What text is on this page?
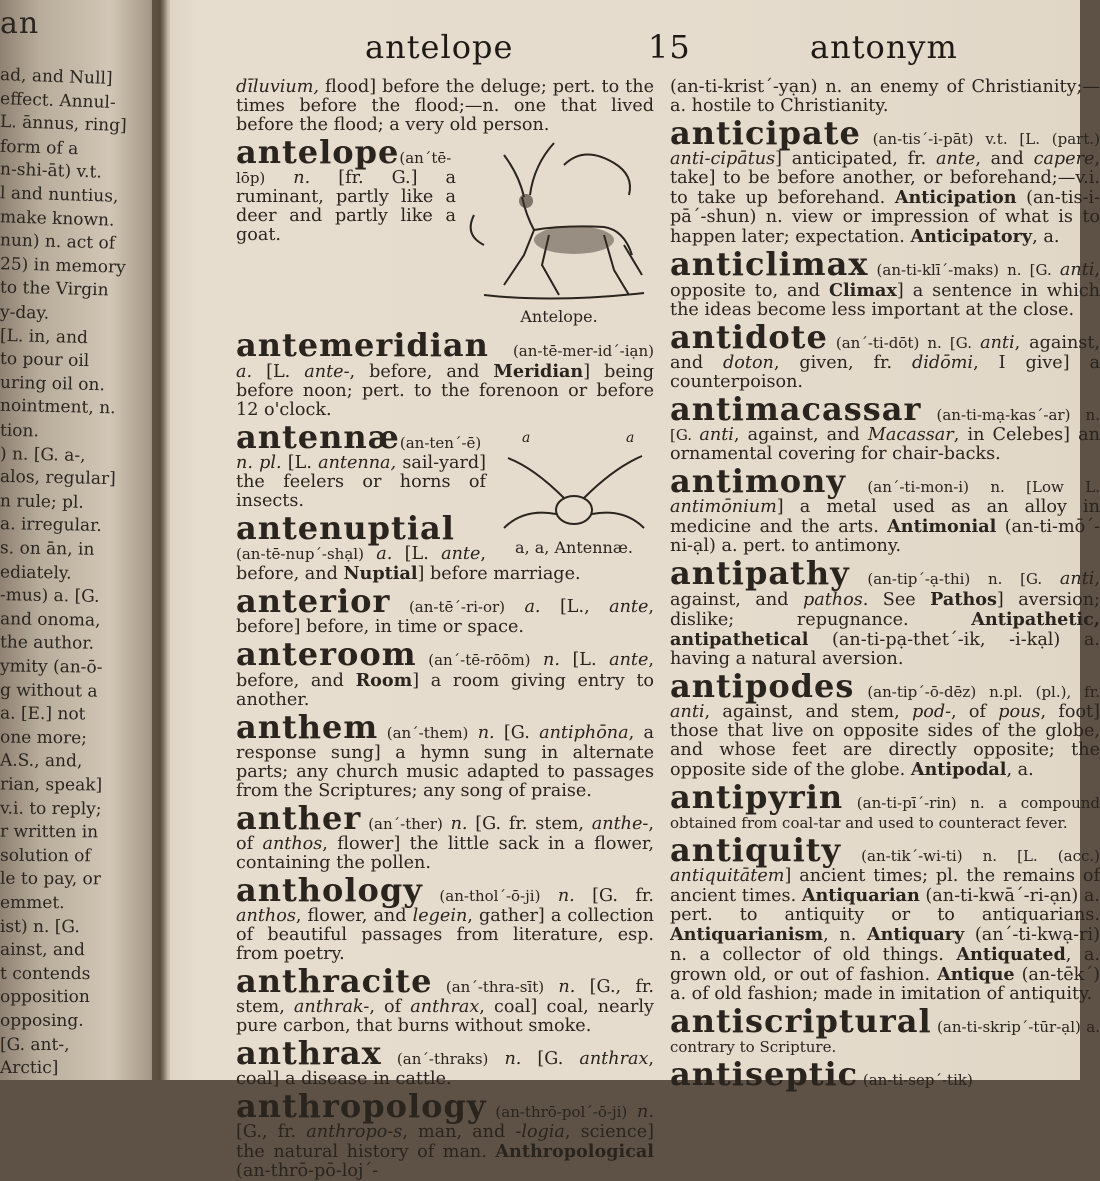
an
ad, and Null]
effect. Annul-
L. ānnus, ring]
form of a
n-shi-āt) v.t.
l and nuntius,
make known.
nun) n. act of
25) in memory
to the Virgin
y-day.
[L. in, and
to pour oil
uring oil on.
nointment, n.
tion.
) n. [G. a-,
alos, regular]
n rule; pl.
a. irregular.
s. on ān, in
ediately.
-mus) a. [G.
and onoma,
the author.
ymity (an-ō-
g without a
a. [E.] not
one more;
A.S., and,
rian, speak]
v.i. to reply;
r written in
solution of
le to pay, or
emmet.
ist) n. [G.
ainst, and
t contends
opposition
opposing.
[G. ant-,
Arctic]
antelope	15	antonym

dīluvium, flood] before the deluge; pert. to the times before the flood;—n. one that lived before the flood; a very old person.

Antelope.

antelope(an´tē-lōp) n. [fr. G.] a ruminant, partly like a deer and partly like a goat.

antemeridian (an-tē-mer-id´-iạn) a. [L. ante-, before, and Meridian] being before noon; pert. to the forenoon or before 12 o'clock.

a	a
a, a, Antennæ.

antennæ(an-ten´-ē) n. pl. [L. antenna, sail-yard] the feelers or horns of insects.

antenuptial (an-tē-nup´-shạl) a. [L. ante, before, and Nuptial] before marriage.

anterior (an-tē´-ri-or) a. [L., ante, before] before, in time or space.

anteroom (an´-tē-rōōm) n. [L. ante, before, and Room] a room giving entry to another.

anthem (an´-them) n. [G. antiphōna, a response sung] a hymn sung in alternate parts; any church music adapted to passages from the Scriptures; any song of praise.

anther (an´-ther) n. [G. fr. stem, anthe-, of anthos, flower] the little sack in a flower, containing the pollen.

anthology (an-thol´-ō-ji) n. [G. fr. anthos, flower, and legein, gather] a collection of beautiful passages from literature, esp. from poetry.

anthracite (an´-thra-sīt) n. [G., fr. stem, anthrak-, of anthrax, coal] coal, nearly pure carbon, that burns without smoke.

anthrax (an´-thraks) n. [G. anthrax, coal] a disease in cattle.

anthropology (an-thrō-pol´-ō-ji) n. [G., fr. anthropo-s, man, and -logia, science] the natural history of man. Anthropological (an-thrō-pō-loj´-

(an-ti-krist´-yạn) n. an enemy of Christianity;—a. hostile to Christianity.

anticipate (an-tis´-i-pāt) v.t. [L. (part.) anti-cipātus] anticipated, fr. ante, and capere, take] to be before another, or beforehand;—v.i. to take up beforehand. Anticipation (an-tis-i-pā´-shun) n. view or impression of what is to happen later; expectation. Anticipatory, a.

anticlimax (an-ti-klī´-maks) n. [G. anti, opposite to, and Climax] a sentence in which the ideas become less important at the close.

antidote (an´-ti-dōt) n. [G. anti, against, and doton, given, fr. didōmi, I give] a counterpoison.

antimacassar (an-ti-mạ-kas´-ar) n. [G. anti, against, and Macassar, in Celebes] an ornamental covering for chair-backs.

antimony (an´-ti-mon-i) n. [Low L. antimōnium] a metal used as an alloy in medicine and the arts. Antimonial (an-ti-mō´-ni-ạl) a. pert. to antimony.

antipathy (an-tip´-ạ-thi) n. [G. anti, against, and pathos. See Pathos] aversion; dislike; repugnance. Antipathetic, antipathetical (an-ti-pạ-thet´-ik, -i-kạl) a. having a natural aversion.

antipodes (an-tip´-ō-dēz) n.pl. (pl.), fr. anti, against, and stem, pod-, of pous, foot] those that live on opposite sides of the globe, and whose feet are directly opposite; the opposite side of the globe. Antipodal, a.

antipyrin (an-ti-pī´-rin) n. a compound obtained from coal-tar and used to counteract fever.

antiquity (an-tik´-wi-ti) n. [L. (acc.) antiquitātem] ancient times; pl. the remains of ancient times. Antiquarian (an-ti-kwā´-ri-ạn) a. pert. to antiquity or to antiquarians. Antiquarianism, n. Antiquary (an´-ti-kwạ-ri) n. a collector of old things. Antiquated, a. grown old, or out of fashion. Antique (an-tēk´) a. of old fashion; made in imitation of antiquity.

antiscriptural (an-ti-skrip´-tūr-ạl) a. contrary to Scripture.

antiseptic (an-ti-sep´-tik)
